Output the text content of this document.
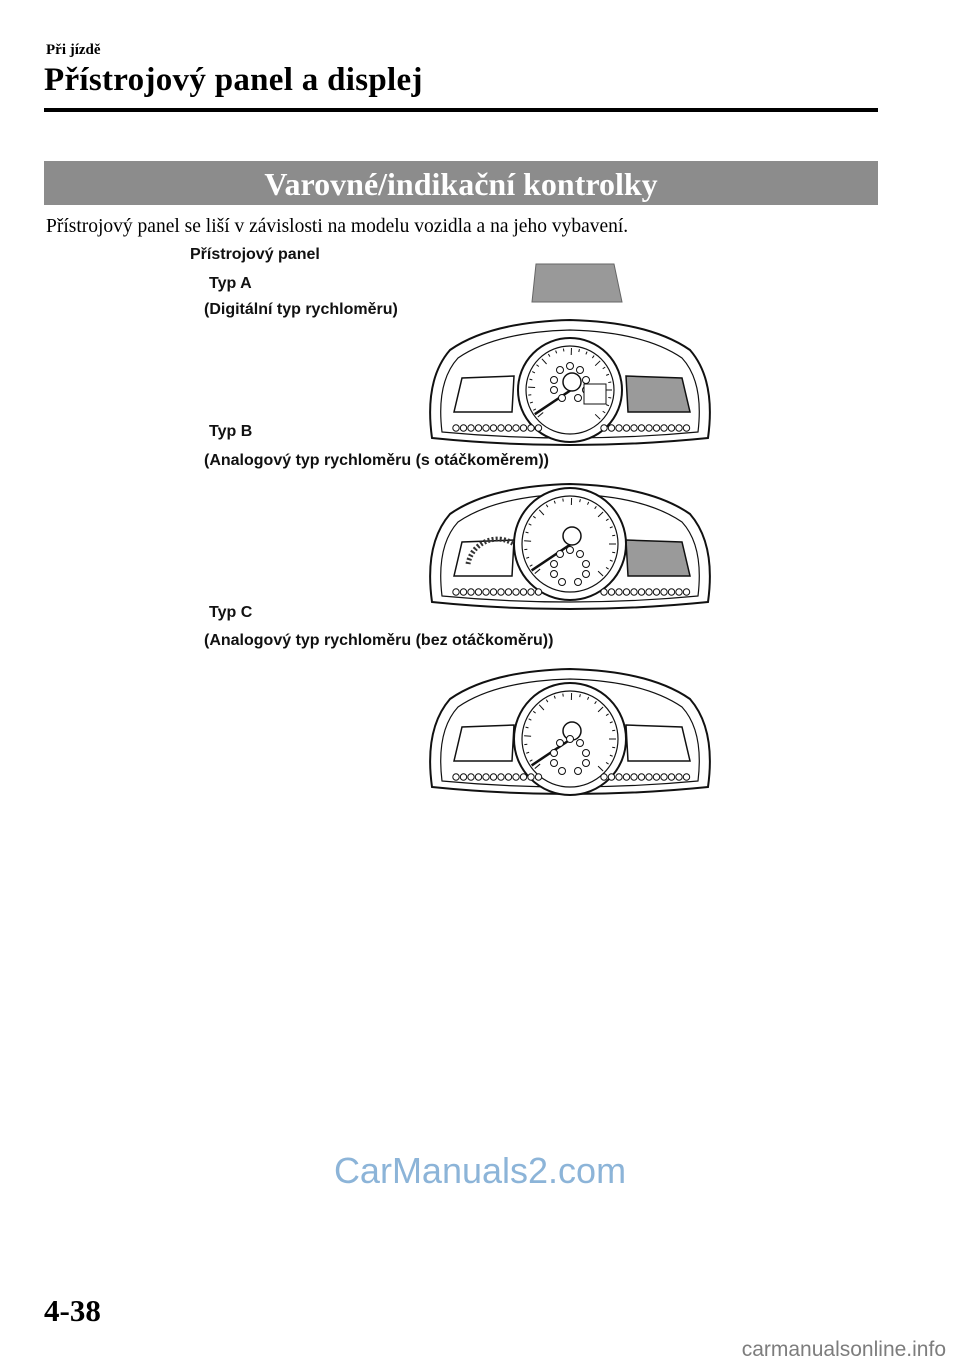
Při jízdě
Přístrojový panel a displej
Varovné/indikační kontrolky
Přístrojový panel se liší v závislosti na modelu vozidla a na jeho vybavení.
Přístrojový panel
Typ A
(Digitální typ rychloměru)
Typ B
(Analogový typ rychloměru (s otáčkoměrem))
Typ C
(Analogový typ rychloměru (bez otáčkoměru))
CarManuals2.com
4-38
carmanualsonline.info
